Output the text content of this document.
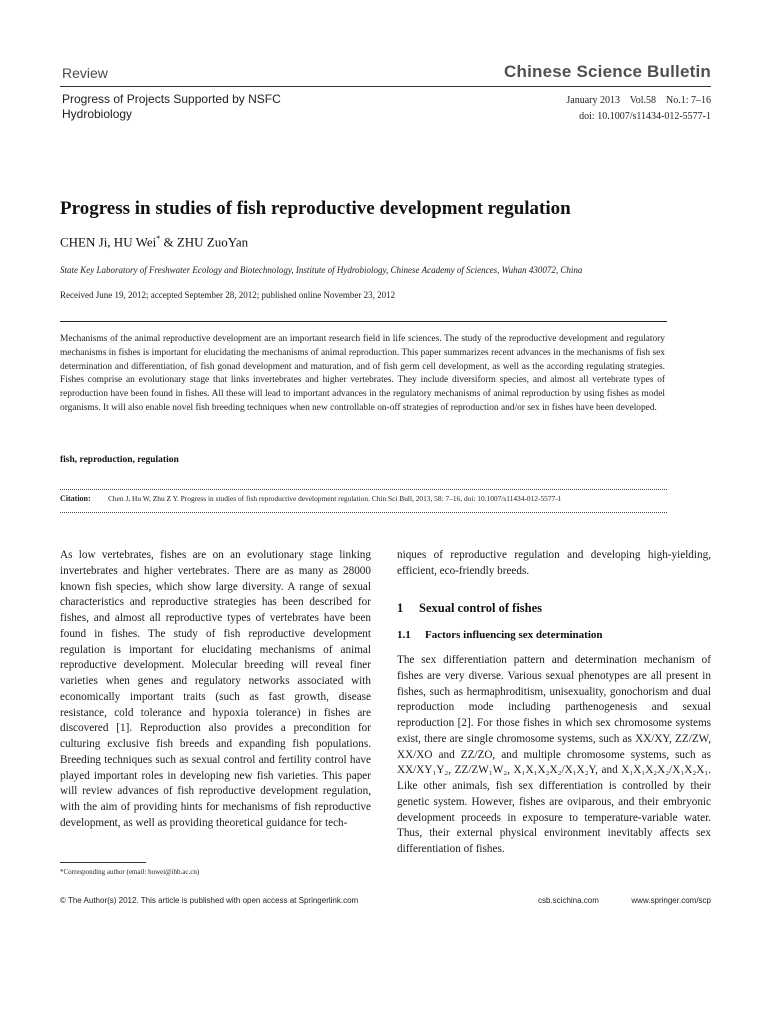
Review	Chinese Science Bulletin
Progress of Projects Supported by NSFC
Hydrobiology
January 2013    Vol.58    No.1: 7–16
doi: 10.1007/s11434-012-5577-1
Progress in studies of fish reproductive development regulation
CHEN Ji, HU Wei* & ZHU ZuoYan
State Key Laboratory of Freshwater Ecology and Biotechnology, Institute of Hydrobiology, Chinese Academy of Sciences, Wuhan 430072, China
Received June 19, 2012; accepted September 28, 2012; published online November 23, 2012
Mechanisms of the animal reproductive development are an important research field in life sciences. The study of the reproductive development and regulatory mechanisms in fishes is important for elucidating the mechanisms of animal reproduction. This paper summarizes recent advances in the mechanisms of fish sex determination and differentiation, of fish gonad development and maturation, and of fish germ cell development, as well as the according regulating strategies. Fishes comprise an evolutionary stage that links invertebrates and higher vertebrates. They include diversiform species, and almost all vertebrate types of reproduction have been found in fishes. All these will lead to important advances in the regulatory mechanisms of animal reproduction by using fishes as model organisms. It will also enable novel fish breeding techniques when new controllable on-off strategies of reproduction and/or sex in fishes have been developed.
fish, reproduction, regulation
Citation: Chen J, Hu W, Zhu Z Y. Progress in studies of fish reproductive development regulation. Chin Sci Bull, 2013, 58: 7–16, doi: 10.1007/s11434-012-5577-1
As low vertebrates, fishes are on an evolutionary stage linking invertebrates and higher vertebrates. There are as many as 28000 known fish species, which show large diversity. A range of sexual characteristics and reproductive strategies has been described for fishes, and almost all reproductive types of vertebrates have been found in fishes. The study of fish reproductive development regulation is important for elucidating mechanisms of animal reproductive development. Molecular breeding will reveal finer varieties when genes and regulatory networks associated with economically important traits (such as fast growth, disease resistance, cold tolerance and hypoxia tolerance) in fishes are discovered [1]. Reproduction also provides a precondition for culturing exclusive fish breeds and expanding fish populations. Breeding techniques such as sexual control and fertility control have played important roles in developing new fish varieties. This paper will review advances of fish reproductive development regulation, with the aim of providing hints for mechanisms of fish reproductive development, as well as providing theoretical guidance for tech-
niques of reproductive regulation and developing high-yielding, efficient, eco-friendly breeds.
1 Sexual control of fishes
1.1 Factors influencing sex determination
The sex differentiation pattern and determination mechanism of fishes are very diverse. Various sexual phenotypes are all present in fishes, such as hermaphroditism, unisexuality, gonochorism and dual reproduction mode including parthenogenesis and sexual reproduction [2]. For those fishes in which sex chromosome systems exist, there are single chromosome systems, such as XX/XY, ZZ/ZW, XX/XO and ZZ/ZO, and multiple chromosome systems, such as XX/XY₁Y₂, ZZ/ZW₁W₂, X₁X₁X₂X₂/X₁X₂Y, and X₁X₁X₂X₂/X₁X₂X₁. Like other animals, fish sex differentiation is controlled by their genetic system. However, fishes are oviparous, and their embryonic development proceeds in exposure to temperature-variable water. Thus, their external physical environment inevitably affects sex differentiation of fishes.
*Corresponding author (email: huwei@ihb.ac.cn)
© The Author(s) 2012. This article is published with open access at Springerlink.com	csb.scichina.com	www.springer.com/scp
